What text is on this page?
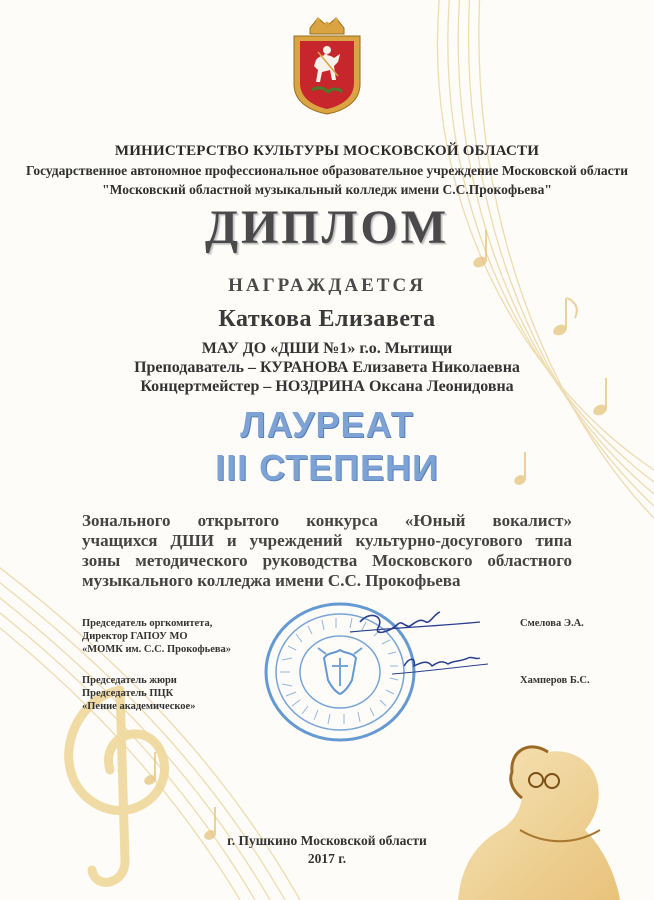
МИНИСТЕРСТВО КУЛЬТУРЫ МОСКОВСКОЙ ОБЛАСТИ
Государственное автономное профессиональное образовательное учреждение Московской области
"Московский областной музыкальный колледж имени С.С.Прокофьева"
ДИПЛОМ
НАГРАЖДАЕТСЯ
Каткова Елизавета
МАУ ДО «ДШИ №1» г.о. Мытищи
Преподаватель – КУРАНОВА Елизавета Николаевна
Концертмейстер – НОЗДРИНА Оксана Леонидовна
ЛАУРЕАТ
III СТЕПЕНИ
Зонального открытого конкурса «Юный вокалист»
учащихся ДШИ и учреждений культурно-досугового типа
зоны методического руководства Московского областного
музыкального колледжа имени С.С. Прокофьева
Председатель оргкомитета,
Директор ГАПОУ МО
«МОМК им. С.С. Прокофьева»
Смелова Э.А.
Председатель жюри
Председатель ПЦК
«Пение академическое»
Хамперов Б.С.
г. Пушкино Московской области
2017 г.
